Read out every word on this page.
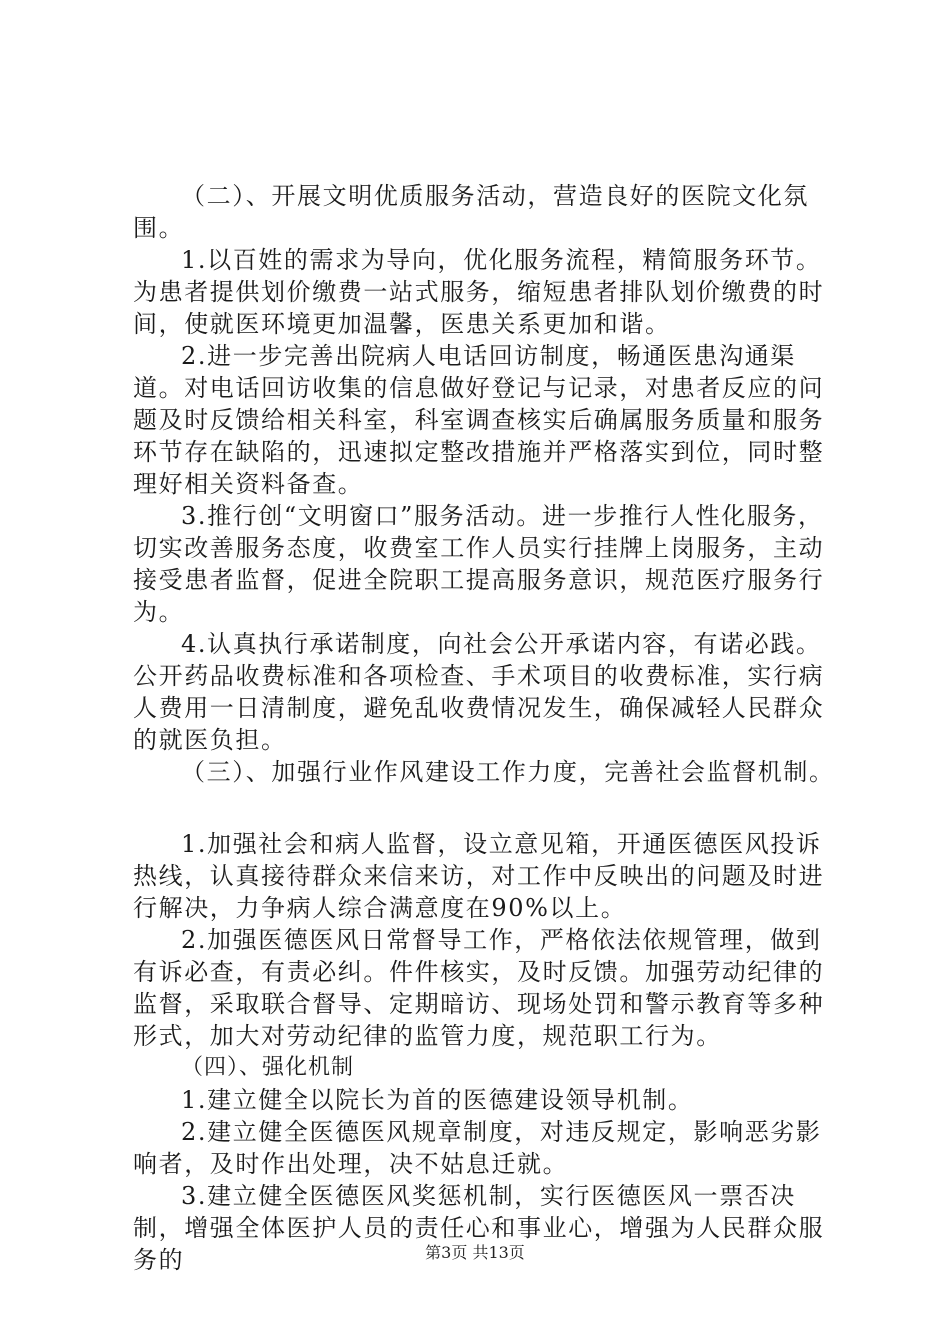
（二）、开展文明优质服务活动，营造良好的医院文化氛围。

1.以百姓的需求为导向，优化服务流程，精简服务环节。为患者提供划价缴费一站式服务，缩短患者排队划价缴费的时间，使就医环境更加温馨，医患关系更加和谐。

2.进一步完善出院病人电话回访制度，畅通医患沟通渠道。对电话回访收集的信息做好登记与记录，对患者反应的问题及时反馈给相关科室，科室调查核实后确属服务质量和服务环节存在缺陷的，迅速拟定整改措施并严格落实到位，同时整理好相关资料备查。

3.推行创“文明窗口”服务活动。进一步推行人性化服务，切实改善服务态度，收费室工作人员实行挂牌上岗服务，主动接受患者监督，促进全院职工提高服务意识，规范医疗服务行为。

4.认真执行承诺制度，向社会公开承诺内容，有诺必践。公开药品收费标准和各项检查、手术项目的收费标准，实行病人费用一日清制度，避免乱收费情况发生，确保减轻人民群众的就医负担。

（三）、加强行业作风建设工作力度，完善社会监督机制。

1.加强社会和病人监督，设立意见箱，开通医德医风投诉热线，认真接待群众来信来访，对工作中反映出的问题及时进行解决，力争病人综合满意度在90%以上。

2.加强医德医风日常督导工作，严格依法依规管理，做到有诉必查，有责必纠。件件核实，及时反馈。加强劳动纪律的监督，采取联合督导、定期暗访、现场处罚和警示教育等多种形式，加大对劳动纪律的监管力度，规范职工行为。

（四）、强化机制

1.建立健全以院长为首的医德建设领导机制。

2.建立健全医德医风规章制度，对违反规定，影响恶劣影响者，及时作出处理，决不姑息迁就。

3.建立健全医德医风奖惩机制，实行医德医风一票否决制，增强全体医护人员的责任心和事业心，增强为人民群众服务的	第3页 共13页
